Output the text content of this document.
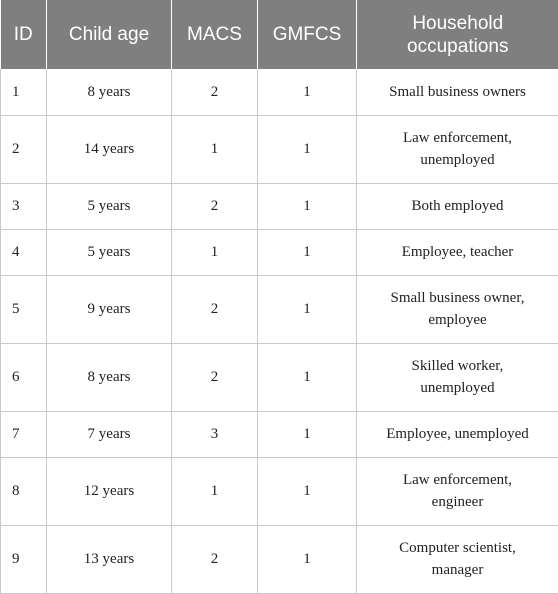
ID	Child age	MACS	GMFCS	Household
occupations
1	8 years	2	1	Small business owners
2	14 years	1	1	Law enforcement,
unemployed
3	5 years	2	1	Both employed
4	5 years	1	1	Employee, teacher
5	9 years	2	1	Small business owner,
employee
6	8 years	2	1	Skilled worker,
unemployed
7	7 years	3	1	Employee, unemployed
8	12 years	1	1	Law enforcement,
engineer
9	13 years	2	1	Computer scientist,
manager
